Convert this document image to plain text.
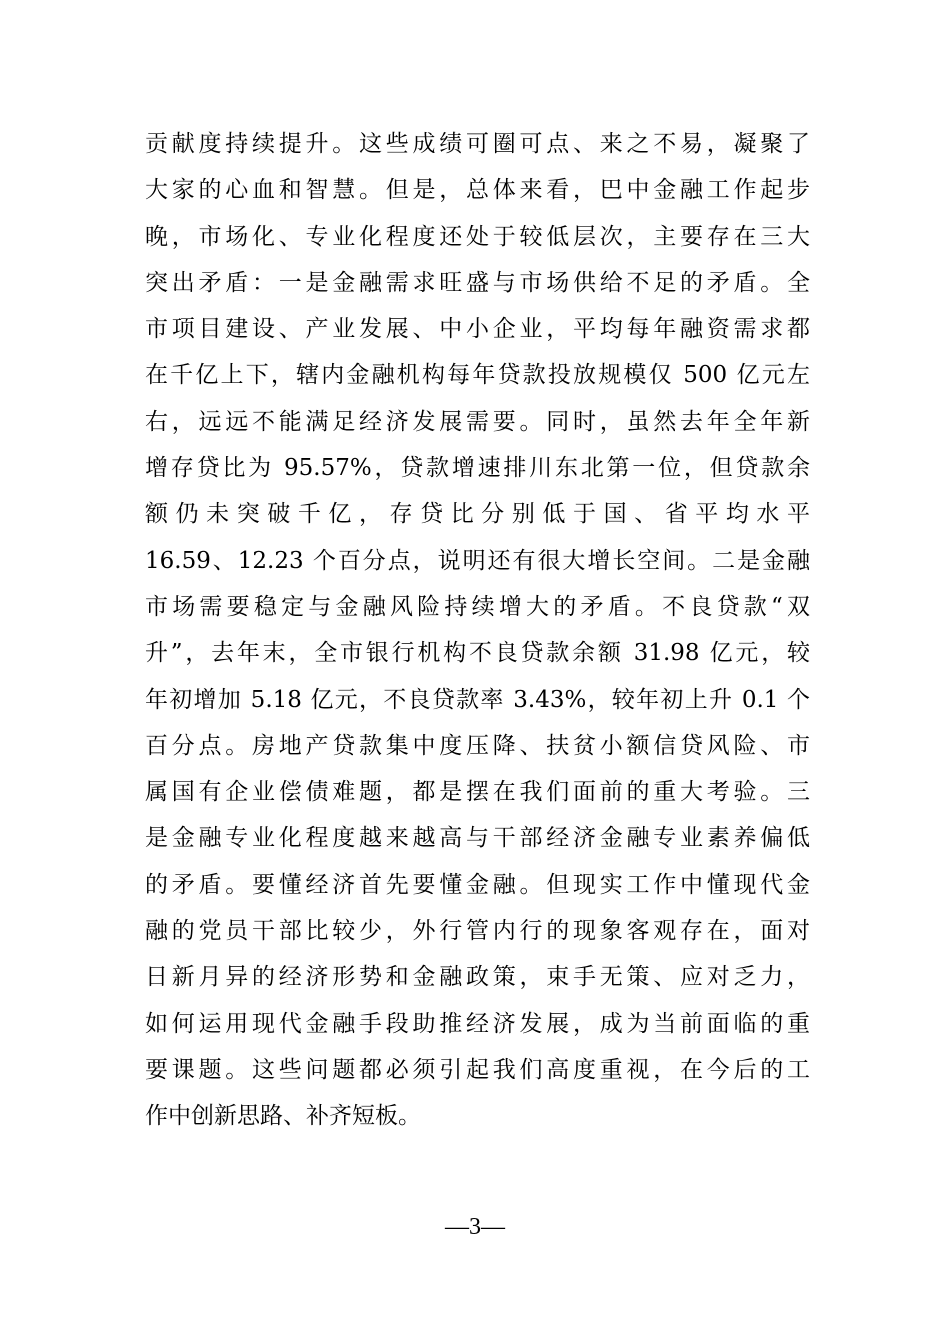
贡献度持续提升。这些成绩可圈可点、来之不易，凝聚了
大家的心血和智慧。但是，总体来看，巴中金融工作起步
晚，市场化、专业化程度还处于较低层次，主要存在三大
突出矛盾：一是金融需求旺盛与市场供给不足的矛盾。全
市项目建设、产业发展、中小企业，平均每年融资需求都
在千亿上下，辖内金融机构每年贷款投放规模仅 500 亿元左
右，远远不能满足经济发展需要。同时，虽然去年全年新
增存贷比为 95.57%，贷款增速排川东北第一位，但贷款余
额仍未突破千亿，存贷比分别低于国、省平均水平
16.59、12.23 个百分点，说明还有很大增长空间。二是金融
市场需要稳定与金融风险持续增大的矛盾。不良贷款“双
升”，去年末，全市银行机构不良贷款余额 31.98 亿元，较
年初增加 5.18 亿元，不良贷款率 3.43%，较年初上升 0.1 个
百分点。房地产贷款集中度压降、扶贫小额信贷风险、市
属国有企业偿债难题，都是摆在我们面前的重大考验。三
是金融专业化程度越来越高与干部经济金融专业素养偏低
的矛盾。要懂经济首先要懂金融。但现实工作中懂现代金
融的党员干部比较少，外行管内行的现象客观存在，面对
日新月异的经济形势和金融政策，束手无策、应对乏力，
如何运用现代金融手段助推经济发展，成为当前面临的重
要课题。这些问题都必须引起我们高度重视，在今后的工
作中创新思路、补齐短板。
—3—
